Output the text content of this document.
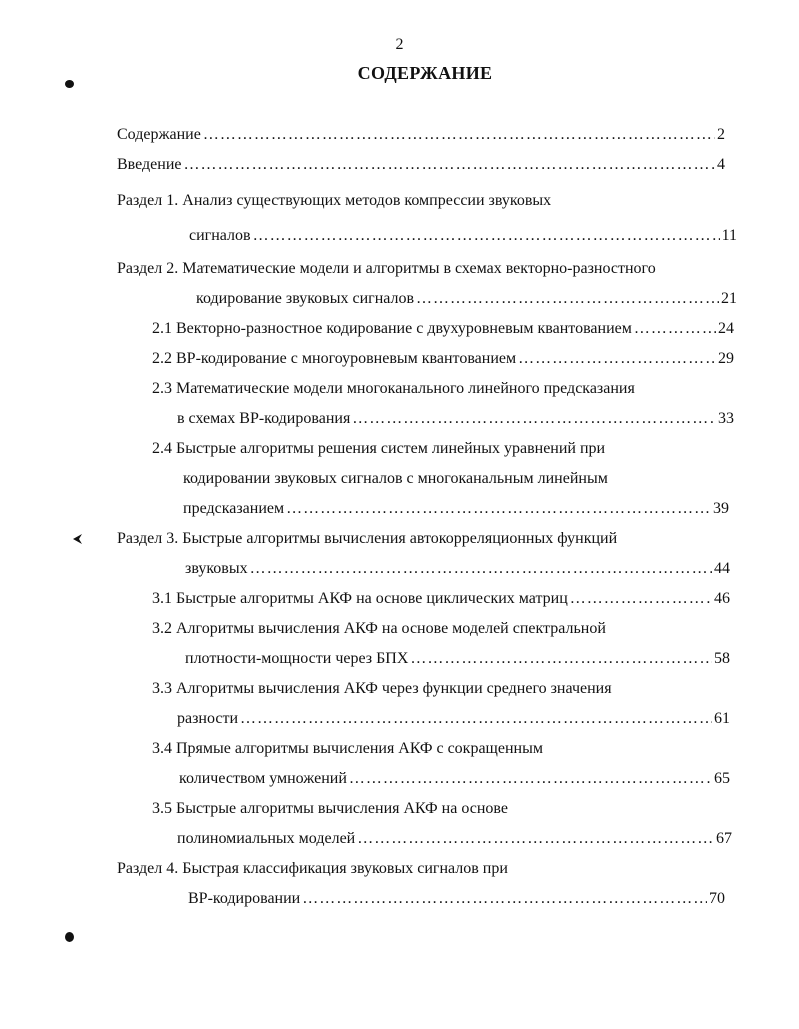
2
СОДЕРЖАНИЕ
Содержание …………………………………………………………………………………………………………………………………………………………	2
Введение …………………………………………………………………………………………………………………………………………………………	4
Раздел 1. Анализ существующих методов компрессии звуковых
сигналов …………………………………………………………………………………………………………………………………………………………	11
Раздел 2. Математические модели и алгоритмы в схемах векторно-разностного
кодирование звуковых сигналов …………………………………………………………………………………………………………………………………………………………	21
2.1 Векторно-разностное кодирование с двухуровневым квантованием …………………………………………………………………………………………………………………………………………………………	24
2.2 ВР-кодирование с многоуровневым квантованием …………………………………………………………………………………………………………………………………………………………	29
2.3 Математические модели многоканального линейного предсказания
в схемах ВР-кодирования …………………………………………………………………………………………………………………………………………………………	33
2.4 Быстрые алгоритмы решения систем линейных уравнений при
кодировании звуковых сигналов с многоканальным линейным
предсказанием …………………………………………………………………………………………………………………………………………………………	39
Раздел 3. Быстрые алгоритмы вычисления автокорреляционных функций
звуковых …………………………………………………………………………………………………………………………………………………………	44
3.1 Быстрые алгоритмы АКФ на основе циклических матриц …………………………………………………………………………………………………………………………………………………………	46
3.2 Алгоритмы вычисления АКФ на основе моделей спектральной
плотности-мощности через БПХ …………………………………………………………………………………………………………………………………………………………	58
3.3 Алгоритмы вычисления АКФ через функции среднего значения
разности …………………………………………………………………………………………………………………………………………………………	61
3.4 Прямые алгоритмы вычисления АКФ с сокращенным
количеством умножений …………………………………………………………………………………………………………………………………………………………	65
3.5 Быстрые алгоритмы вычисления АКФ на основе
полиномиальных моделей …………………………………………………………………………………………………………………………………………………………	67
Раздел 4. Быстрая классификация звуковых сигналов при
ВР-кодировании …………………………………………………………………………………………………………………………………………………………	70
